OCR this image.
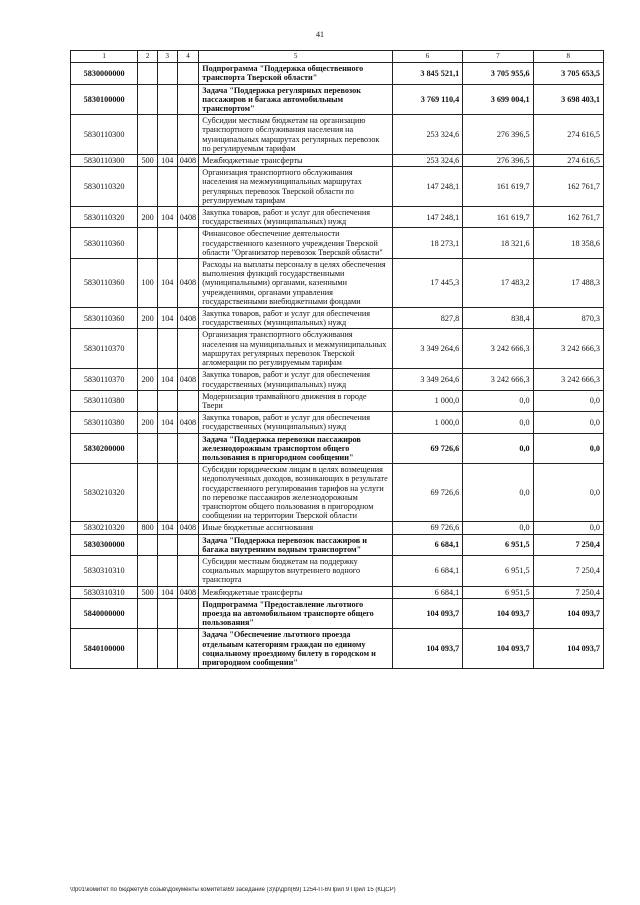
41
1	2	3	4	5	6	7	8
5830000000				Подпрограмма "Поддержка общественного транспорта Тверской области"	3 845 521,1	3 705 955,6	3 705 653,5
5830100000				Задача "Поддержка регулярных перевозок пассажиров и багажа автомобильным транспортом"	3 769 110,4	3 699 004,1	3 698 403,1
5830110300				Субсидии местным бюджетам на организацию транспортного обслуживания населения на муниципальных маршрутах регулярных перевозок по регулируемым тарифам	253 324,6	276 396,5	274 616,5
5830110300	500	104	0408	Межбюджетные трансферты	253 324,6	276 396,5	274 616,5
5830110320				Организация транспортного обслуживания населения на межмуниципальных маршрутах регулярных перевозок Тверской области по регулируемым тарифам	147 248,1	161 619,7	162 761,7
5830110320	200	104	0408	Закупка товаров, работ и услуг для обеспечения государственных (муниципальных) нужд	147 248,1	161 619,7	162 761,7
5830110360				Финансовое обеспечение деятельности государственного казенного учреждения Тверской области "Организатор перевозок Тверской области"	18 273,1	18 321,6	18 358,6
5830110360	100	104	0408	Расходы на выплаты персоналу в целях обеспечения выполнения функций государственными (муниципальными) органами, казенными учреждениями, органами управления государственными внебюджетными фондами	17 445,3	17 483,2	17 488,3
5830110360	200	104	0408	Закупка товаров, работ и услуг для обеспечения государственных (муниципальных) нужд	827,8	838,4	870,3
5830110370				Организация транспортного обслуживания населения на муниципальных и межмуниципальных маршрутах регулярных перевозок Тверской агломерации по регулируемым тарифам	3 349 264,6	3 242 666,3	3 242 666,3
5830110370	200	104	0408	Закупка товаров, работ и услуг для обеспечения государственных (муниципальных) нужд	3 349 264,6	3 242 666,3	3 242 666,3
5830110380				Модернизация трамвайного движения в городе Твери	1 000,0	0,0	0,0
5830110380	200	104	0408	Закупка товаров, работ и услуг для обеспечения государственных (муниципальных) нужд	1 000,0	0,0	0,0
5830200000				Задача "Поддержка перевозки пассажиров железнодорожным транспортом общего пользования в пригородном сообщении"	69 726,6	0,0	0,0
5830210320				Субсидии юридическим лицам в целях возмещения недополученных доходов, возникающих в результате государственного регулирования тарифов на услуги по перевозке пассажиров железнодорожным транспортом общего пользования в пригородном сообщении на территории Тверской области	69 726,6	0,0	0,0
5830210320	800	104	0408	Иные бюджетные ассигнования	69 726,6	0,0	0,0
5830300000				Задача "Поддержка перевозок пассажиров и багажа внутренним водным транспортом"	6 684,1	6 951,5	7 250,4
5830310310				Субсидии местным бюджетам на поддержку социальных маршрутов внутреннего водного транспорта	6 684,1	6 951,5	7 250,4
5830310310	500	104	0408	Межбюджетные трансферты	6 684,1	6 951,5	7 250,4
5840000000				Подпрограмма "Предоставление льготного проезда на автомобильном транспорте общего пользования"	104 093,7	104 093,7	104 093,7
5840100000				Задача "Обеспечение льготного проезда отдельным категориям граждан по единому социальному проездному билету в городском и пригородном сообщении"	104 093,7	104 093,7	104 093,7
\\fp01\комитет по бюджету\6 созыв\Документы комитета\69 заседание (3)\р\дрп(69) 1254-П-6\Прил 9 Прил 15 (КЦСР)
